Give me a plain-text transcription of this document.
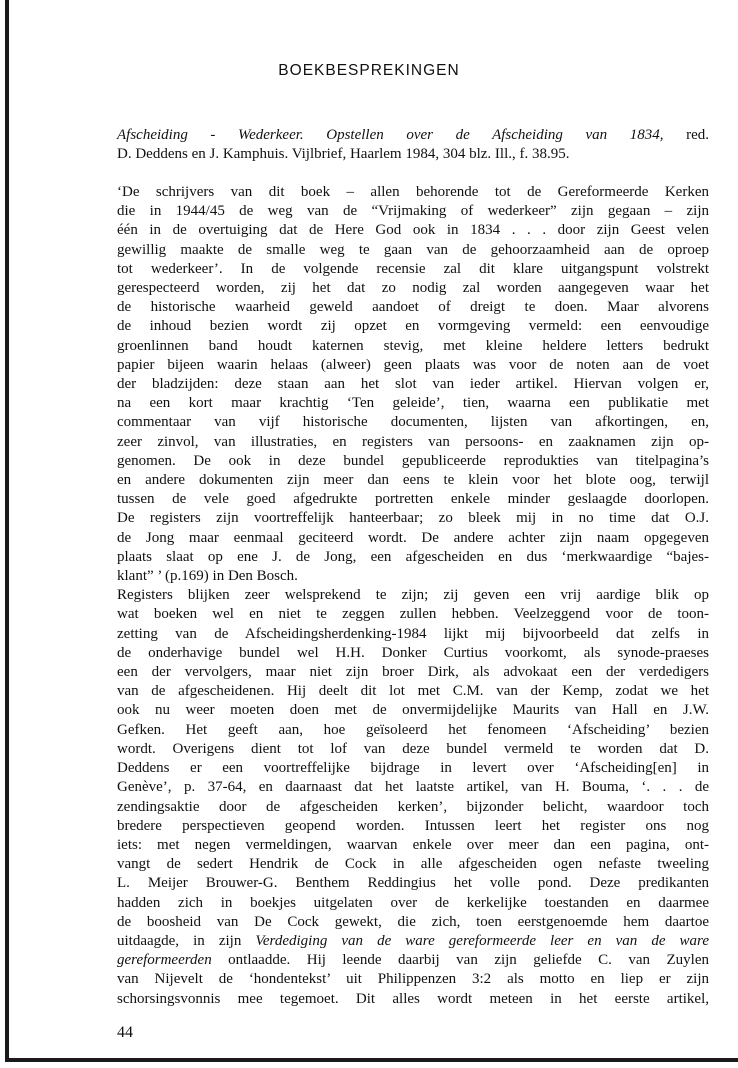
BOEKBESPREKINGEN
Afscheiding - Wederkeer. Opstellen over de Afscheiding van 1834, red.
D. Deddens en J. Kamphuis. Vijlbrief, Haarlem 1984, 304 blz. Ill., f. 38.95.
‘De schrijvers van dit boek – allen behorende tot de Gereformeerde Kerken
die in 1944/45 de weg van de “Vrijmaking of wederkeer” zijn gegaan – zijn
één in de overtuiging dat de Here God ook in 1834 . . . door zijn Geest velen
gewillig maakte de smalle weg te gaan van de gehoorzaamheid aan de oproep
tot wederkeer’. In de volgende recensie zal dit klare uitgangspunt volstrekt
gerespecteerd worden, zij het dat zo nodig zal worden aangegeven waar het
de historische waarheid geweld aandoet of dreigt te doen. Maar alvorens
de inhoud bezien wordt zij opzet en vormgeving vermeld: een eenvoudige
groenlinnen band houdt katernen stevig, met kleine heldere letters bedrukt
papier bijeen waarin helaas (alweer) geen plaats was voor de noten aan de voet
der bladzijden: deze staan aan het slot van ieder artikel. Hiervan volgen er,
na een kort maar krachtig ‘Ten geleide’, tien, waarna een publikatie met
commentaar van vijf historische documenten, lijsten van afkortingen, en,
zeer zinvol, van illustraties, en registers van persoons- en zaaknamen zijn op-
genomen. De ook in deze bundel gepubliceerde reprodukties van titelpagina’s
en andere dokumenten zijn meer dan eens te klein voor het blote oog, terwijl
tussen de vele goed afgedrukte portretten enkele minder geslaagde doorlopen.
De registers zijn voortreffelijk hanteerbaar; zo bleek mij in no time dat O.J.
de Jong maar eenmaal geciteerd wordt. De andere achter zijn naam opgegeven
plaats slaat op ene J. de Jong, een afgescheiden en dus ‘merkwaardige “bajes-
klant” ’ (p.169) in Den Bosch.
Registers blijken zeer welsprekend te zijn; zij geven een vrij aardige blik op
wat boeken wel en niet te zeggen zullen hebben. Veelzeggend voor de toon-
zetting van de Afscheidingsherdenking-1984 lijkt mij bijvoorbeeld dat zelfs in
de onderhavige bundel wel H.H. Donker Curtius voorkomt, als synode-praeses
een der vervolgers, maar niet zijn broer Dirk, als advokaat een der verdedigers
van de afgescheidenen. Hij deelt dit lot met C.M. van der Kemp, zodat we het
ook nu weer moeten doen met de onvermijdelijke Maurits van Hall en J.W.
Gefken. Het geeft aan, hoe geïsoleerd het fenomeen ‘Afscheiding’ bezien
wordt. Overigens dient tot lof van deze bundel vermeld te worden dat D.
Deddens er een voortreffelijke bijdrage in levert over ‘Afscheiding[en] in
Genève’, p. 37-64, en daarnaast dat het laatste artikel, van H. Bouma, ‘. . . de
zendingsaktie door de afgescheiden kerken’, bijzonder belicht, waardoor toch
bredere perspectieven geopend worden. Intussen leert het register ons nog
iets: met negen vermeldingen, waarvan enkele over meer dan een pagina, ont-
vangt de sedert Hendrik de Cock in alle afgescheiden ogen nefaste tweeling
L. Meijer Brouwer-G. Benthem Reddingius het volle pond. Deze predikanten
hadden zich in boekjes uitgelaten over de kerkelijke toestanden en daarmee
de boosheid van De Cock gewekt, die zich, toen eerstgenoemde hem daartoe
uitdaagde, in zijn Verdediging van de ware gereformeerde leer en van de ware
gereformeerden ontlaadde. Hij leende daarbij van zijn geliefde C. van Zuylen
van Nijevelt de ‘hondentekst’ uit Philippenzen 3:2 als motto en liep er zijn
schorsingsvonnis mee tegemoet. Dit alles wordt meteen in het eerste artikel,
44
